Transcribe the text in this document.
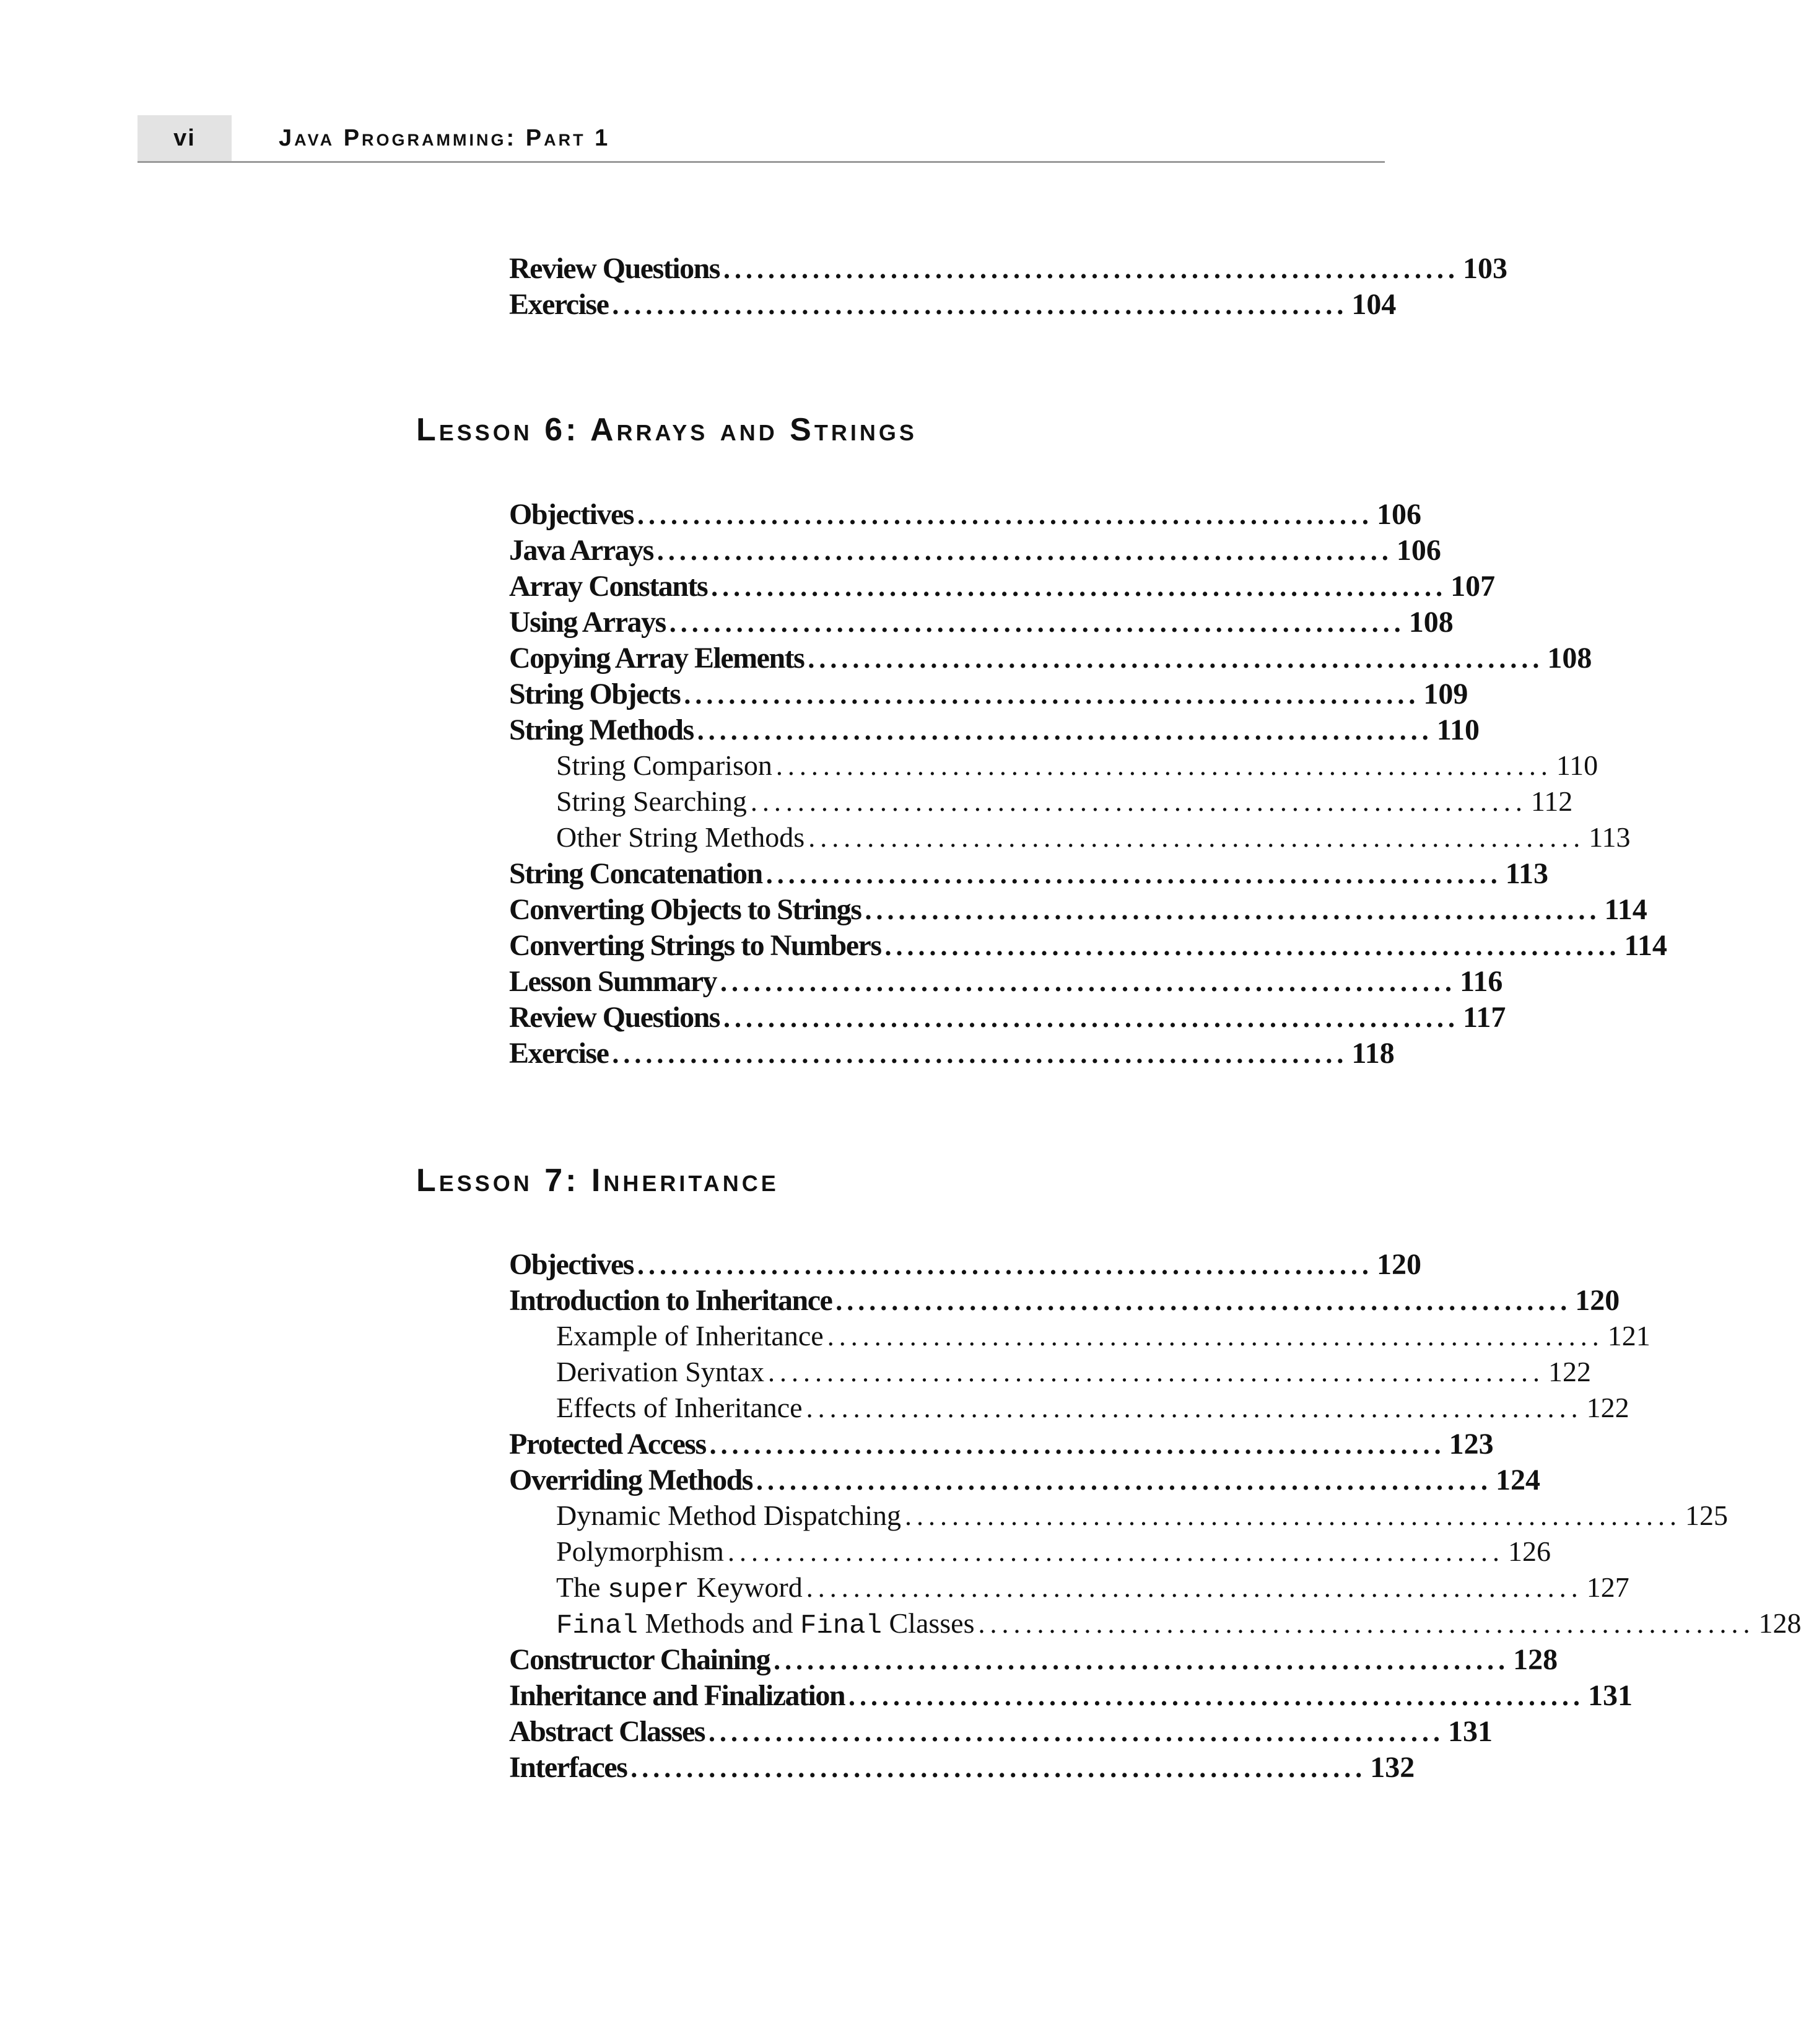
vi	Java Programming: Part 1
Review Questions .................................................................. 103
Exercise .................................................................. 104
Lesson 6: Arrays and Strings
Objectives .................................................................. 106
Java Arrays .................................................................. 106
Array Constants .................................................................. 107
Using Arrays .................................................................. 108
Copying Array Elements .................................................................. 108
String Objects .................................................................. 109
String Methods .................................................................. 110
String Comparison .................................................................. 110
String Searching .................................................................. 112
Other String Methods .................................................................. 113
String Concatenation .................................................................. 113
Converting Objects to Strings .................................................................. 114
Converting Strings to Numbers .................................................................. 114
Lesson Summary .................................................................. 116
Review Questions .................................................................. 117
Exercise .................................................................. 118
Lesson 7: Inheritance
Objectives .................................................................. 120
Introduction to Inheritance .................................................................. 120
Example of Inheritance .................................................................. 121
Derivation Syntax .................................................................. 122
Effects of Inheritance .................................................................. 122
Protected Access .................................................................. 123
Overriding Methods .................................................................. 124
Dynamic Method Dispatching .................................................................. 125
Polymorphism .................................................................. 126
The super Keyword .................................................................. 127
Final Methods and Final Classes .................................................................. 128
Constructor Chaining .................................................................. 128
Inheritance and Finalization .................................................................. 131
Abstract Classes .................................................................. 131
Interfaces .................................................................. 132
